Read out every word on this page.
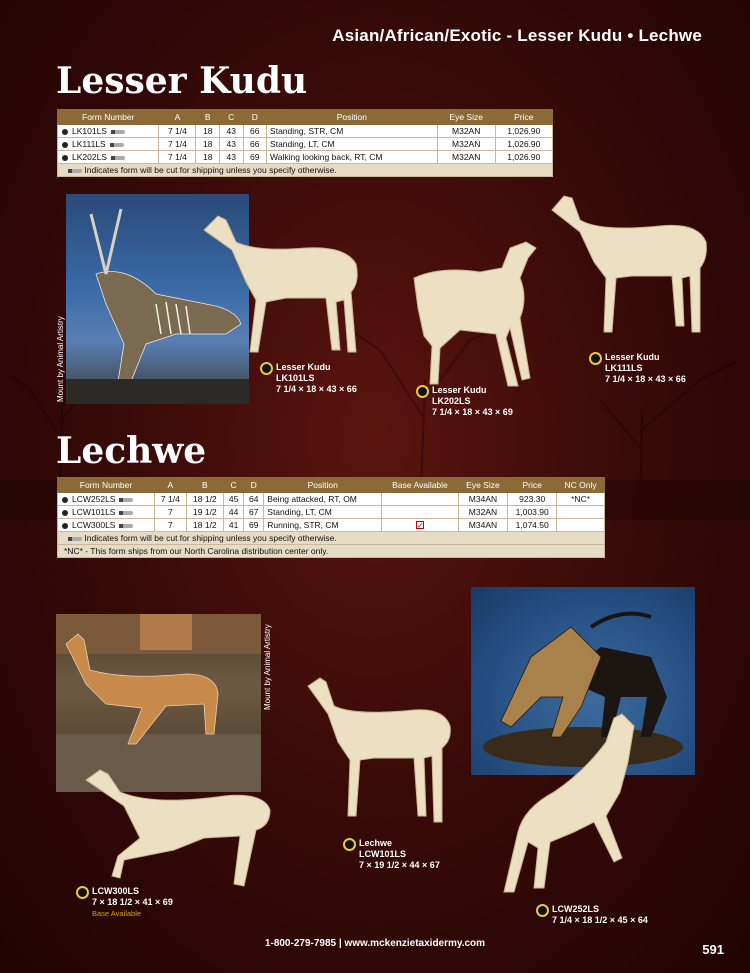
Asian/African/Exotic - Lesser Kudu • Lechwe
Lesser Kudu
Form Number	A	B	C	D	Position	Eye Size	Price
LK101LS	7 1/4	18	43	66	Standing, STR, CM	M32AN	1,026.90
LK111LS	7 1/4	18	43	66	Standing, LT, CM	M32AN	1,026.90
LK202LS	7 1/4	18	43	69	Walking looking back, RT, CM	M32AN	1,026.90
Indicates form will be cut for shipping unless you specify otherwise.							
Mount by Animal Artistry	Lesser Kudu
LK101LS
7 1/4 × 18 × 43 × 66	Lesser Kudu
LK202LS
7 1/4 × 18 × 43 × 69
Lesser Kudu
LK111LS
7 1/4 × 18 × 43 × 66
Lechwe
Form Number	A	B	C	D	Position	Base Available	Eye Size	Price	NC Only
LCW252LS	7 1/4	18 1/2	45	64	Being attacked, RT, OM		M34AN	923.30	*NC*
LCW101LS	7	19 1/2	44	67	Standing, LT, CM		M32AN	1,003.90	
LCW300LS	7	18 1/2	41	69	Running, STR, CM	✓	M34AN	1,074.50	
Indicates form will be cut for shipping unless you specify otherwise.									
*NC* - This form ships from our North Carolina distribution center only.									
Mount by Animal Artistry
LCW300LS
7 × 18 1/2 × 41 × 69
Base Available
Lechwe
LCW101LS
7 × 19 1/2 × 44 × 67
LCW252LS
7 1/4 × 18 1/2 × 45 × 64
1-800-279-7985 | www.mckenzietaxidermy.com	591
